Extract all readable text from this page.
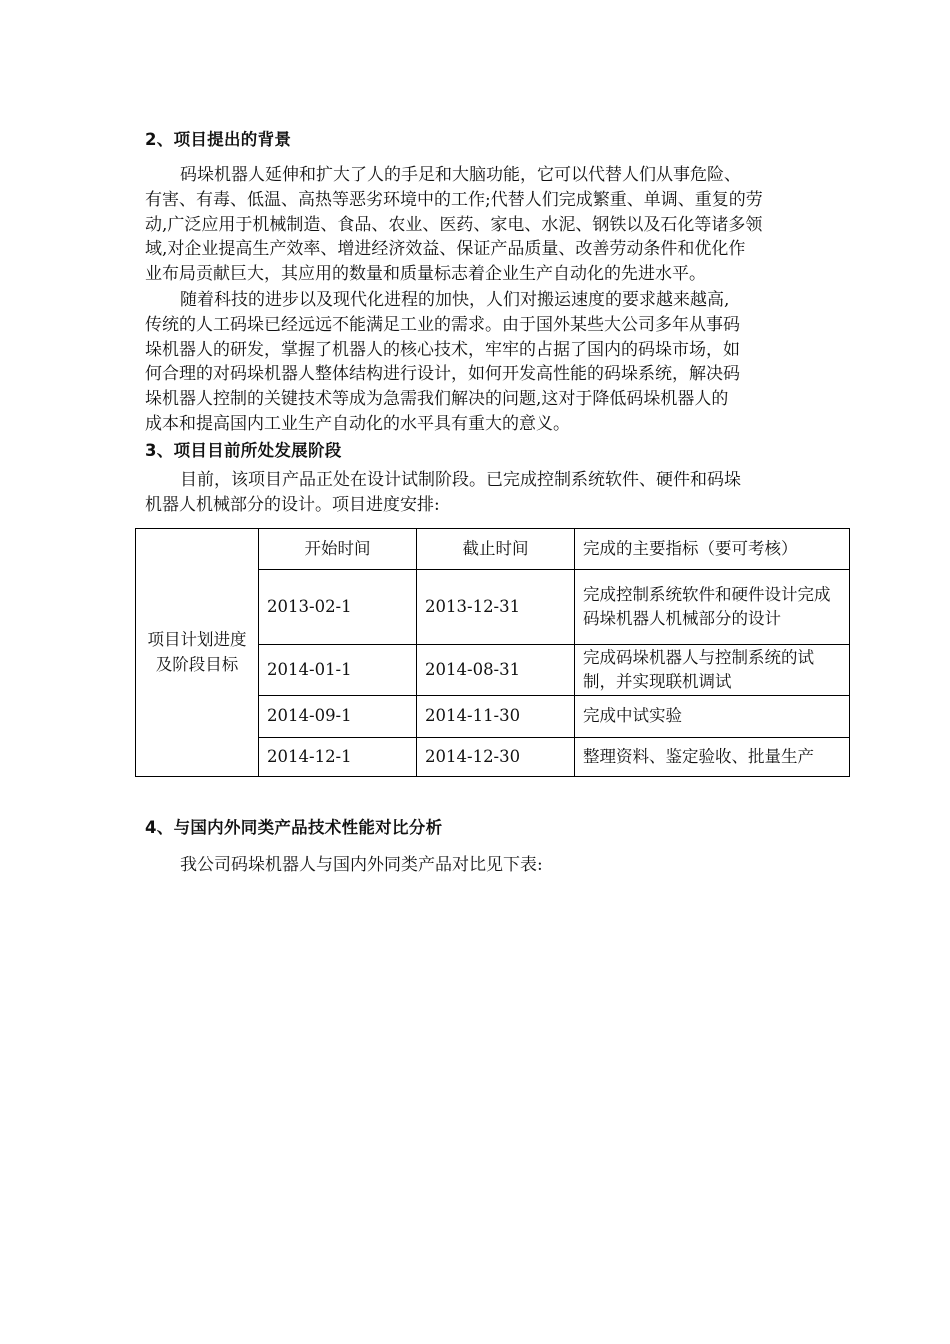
2、项目提出的背景
码垛机器人延伸和扩大了人的手足和大脑功能，它可以代替人们从事危险、
有害、有毒、低温、高热等恶劣环境中的工作;代替人们完成繁重、单调、重复的劳
动,广泛应用于机械制造、食品、农业、医药、家电、水泥、钢铁以及石化等诸多领
域,对企业提高生产效率、增进经济效益、保证产品质量、改善劳动条件和优化作
业布局贡献巨大，其应用的数量和质量标志着企业生产自动化的先进水平。
随着科技的进步以及现代化进程的加快，人们对搬运速度的要求越来越高,
传统的人工码垛已经远远不能满足工业的需求。由于国外某些大公司多年从事码
垛机器人的研发，掌握了机器人的核心技术，牢牢的占据了国内的码垛市场，如
何合理的对码垛机器人整体结构进行设计，如何开发高性能的码垛系统，解决码
垛机器人控制的关键技术等成为急需我们解决的问题,这对于降低码垛机器人的
成本和提高国内工业生产自动化的水平具有重大的意义。
3、项目目前所处发展阶段
目前，该项目产品正处在设计试制阶段。已完成控制系统软件、硬件和码垛
机器人机械部分的设计。项目进度安排:
项目计划进度及阶段目标	开始时间	截止时间	完成的主要指标（要可考核）
	2013-02-1	2013-12-31	完成控制系统软件和硬件设计完成码垛机器人机械部分的设计
	2014-01-1	2014-08-31	完成码垛机器人与控制系统的试制，并实现联机调试
	2014-09-1	2014-11-30	完成中试实验
	2014-12-1	2014-12-30	整理资料、鉴定验收、批量生产
4、与国内外同类产品技术性能对比分析
我公司码垛机器人与国内外同类产品对比见下表:
